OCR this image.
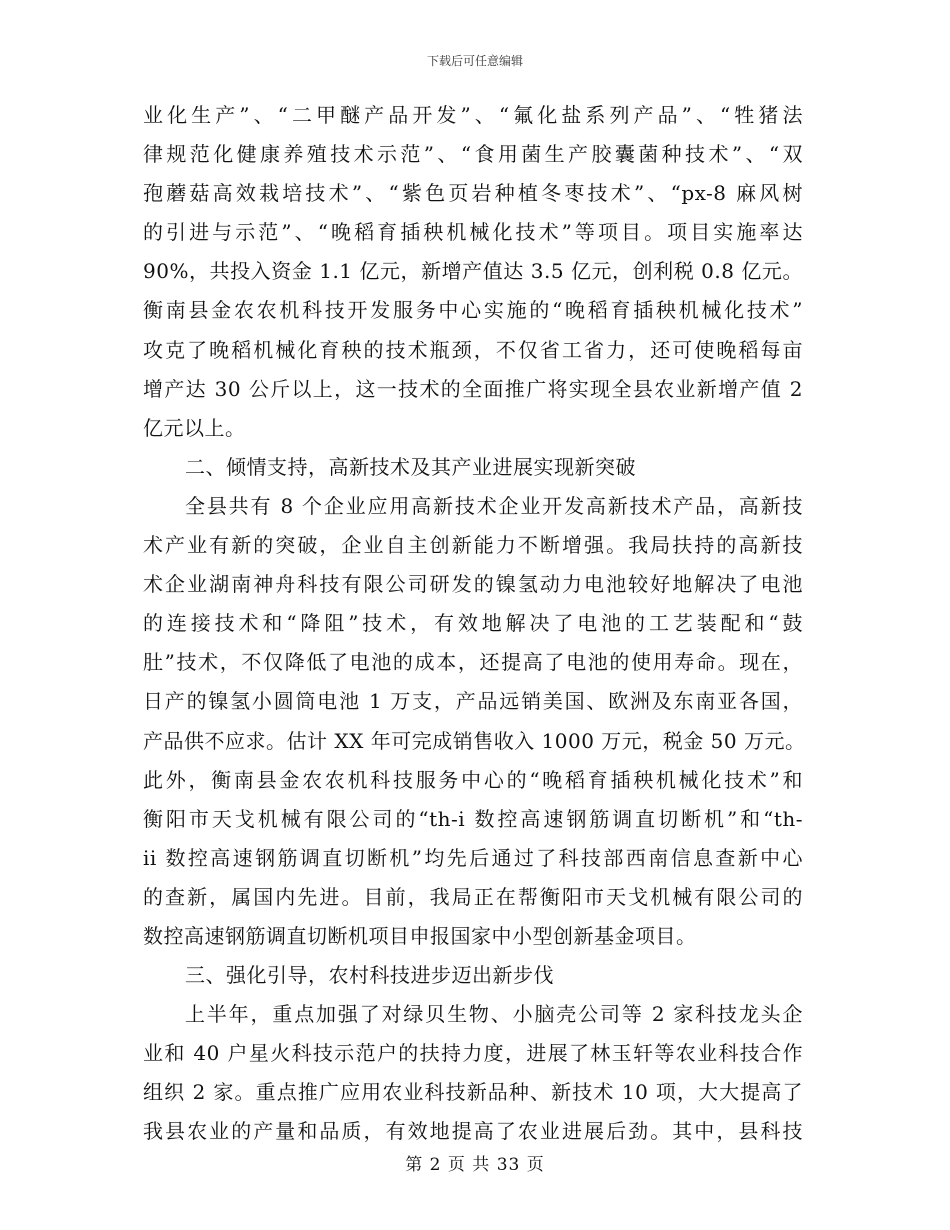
下载后可任意编辑
业化生产”、“二甲醚产品开发”、“氟化盐系列产品”、“牲猪法
律规范化健康养殖技术示范”、“食用菌生产胶囊菌种技术”、“双
孢蘑菇高效栽培技术”、“紫色页岩种植冬枣技术”、“px-8 麻风树
的引进与示范”、“晚稻育插秧机械化技术”等项目。项目实施率达
90%，共投入资金 1.1 亿元，新增产值达 3.5 亿元，创利税 0.8 亿元。
衡南县金农农机科技开发服务中心实施的“晚稻育插秧机械化技术”
攻克了晚稻机械化育秧的技术瓶颈，不仅省工省力，还可使晚稻每亩
增产达 30 公斤以上，这一技术的全面推广将实现全县农业新增产值 2
亿元以上。
二、倾情支持，高新技术及其产业进展实现新突破
全县共有 8 个企业应用高新技术企业开发高新技术产品，高新技
术产业有新的突破，企业自主创新能力不断增强。我局扶持的高新技
术企业湖南神舟科技有限公司研发的镍氢动力电池较好地解决了电池
的连接技术和“降阻”技术，有效地解决了电池的工艺装配和“鼓
肚”技术，不仅降低了电池的成本，还提高了电池的使用寿命。现在，
日产的镍氢小圆筒电池 1 万支，产品远销美国、欧洲及东南亚各国，
产品供不应求。估计 XX 年可完成销售收入 1000 万元，税金 50 万元。
此外，衡南县金农农机科技服务中心的“晚稻育插秧机械化技术”和
衡阳市天戈机械有限公司的“th-i 数控高速钢筋调直切断机”和“th-
ii 数控高速钢筋调直切断机”均先后通过了科技部西南信息查新中心
的查新，属国内先进。目前，我局正在帮衡阳市天戈机械有限公司的
数控高速钢筋调直切断机项目申报国家中小型创新基金项目。
三、强化引导，农村科技进步迈出新步伐
上半年，重点加强了对绿贝生物、小脑壳公司等 2 家科技龙头企
业和 40 户星火科技示范户的扶持力度，进展了林玉轩等农业科技合作
组织 2 家。重点推广应用农业科技新品种、新技术 10 项，大大提高了
我县农业的产量和品质，有效地提高了农业进展后劲。其中，县科技
第 2 页 共 33 页
